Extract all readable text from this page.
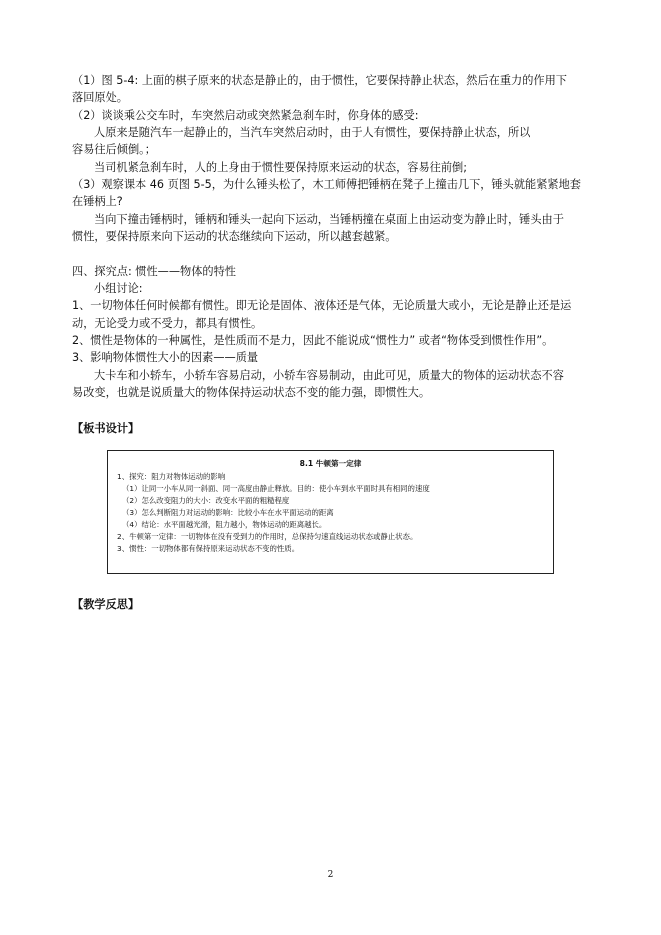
（1）图 5-4: 上面的棋子原来的状态是静止的，由于惯性，它要保持静止状态，然后在重力的作用下
落回原处。
（2）谈谈乘公交车时，车突然启动或突然紧急刹车时，你身体的感受:
人原来是随汽车一起静止的，当汽车突然启动时，由于人有惯性，要保持静止状态，所以
容易往后倾倒。；
当司机紧急刹车时，人的上身由于惯性要保持原来运动的状态，容易往前倒;
（3）观察课本 46 页图 5-5，为什么锤头松了，木工师傅把锤柄在凳子上撞击几下，锤头就能紧紧地套
在锤柄上?
当向下撞击锤柄时，锤柄和锤头一起向下运动，当锤柄撞在桌面上由运动变为静止时，锤头由于
惯性，要保持原来向下运动的状态继续向下运动，所以越套越紧。
四、探究点: 惯性——物体的特性
小组讨论:
1、一切物体任何时候都有惯性。即无论是固体、液体还是气体，无论质量大或小，无论是静止还是运
动，无论受力或不受力，都具有惯性。
2、惯性是物体的一种属性，是性质而不是力，因此不能说成“惯性力” 或者“物体受到惯性作用”。
3、影响物体惯性大小的因素——质量
大卡车和小轿车，小轿车容易启动，小轿车容易制动，由此可见，质量大的物体的运动状态不容
易改变，也就是说质量大的物体保持运动状态不变的能力强，即惯性大。
【板书设计】
8.1 牛顿第一定律
1、探究：阻力对物体运动的影响
（1）让同一小车从同一斜面、同一高度由静止释放。目的：使小车到水平面时具有相同的速度
（2）怎么改变阻力的大小：改变水平面的粗糙程度
（3）怎么判断阻力对运动的影响：比较小车在水平面运动的距离
（4）结论：水平面越光滑，阻力越小，物体运动的距离越长。
2、牛顿第一定律：一切物体在没有受到力的作用时，总保持匀速直线运动状态或静止状态。
3、惯性：一切物体都有保持原来运动状态不变的性质。
【教学反思】
2
